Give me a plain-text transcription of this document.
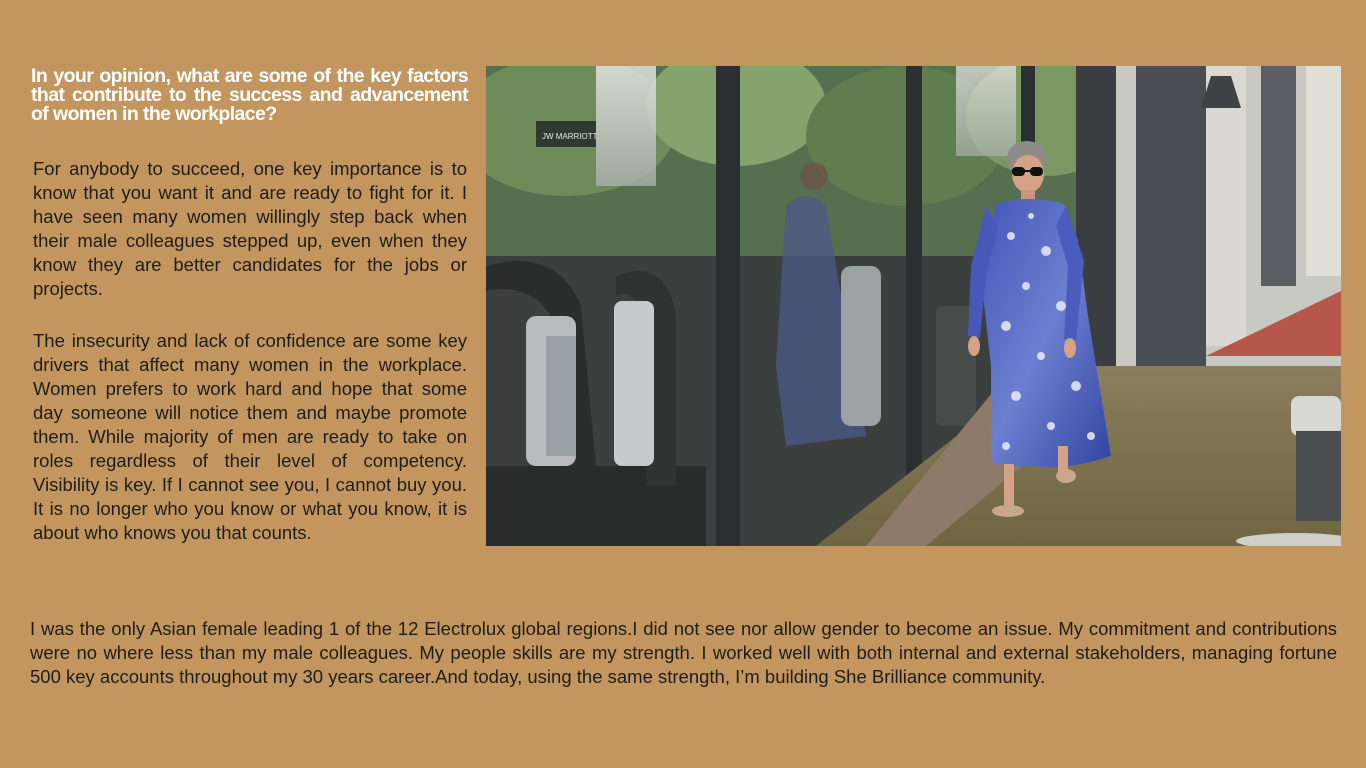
In your opinion, what are some of the key factors that contribute to the success and advancement of women in the workplace?

For anybody to succeed, one key importance is to know that you want it and are ready to fight for it. I have seen many women willingly step back when their male colleagues stepped up, even when they know they are better candidates for the jobs or projects.

The insecurity and lack of confidence are some key drivers that affect many women in the workplace. Women prefers to work hard and hope that some day someone will notice them and maybe promote them. While majority of men are ready to take on roles regardless of their level of competency. Visibility is key. If I cannot see you, I cannot buy you. It is no longer who you know or what you know, it is about who knows you that counts.

JW MARRIOTT

I was the only Asian female leading 1 of the 12 Electrolux global regions.I did not see nor allow gender to become an issue. My commitment and contributions were no where less than my male colleagues. My people skills are my strength. I worked well with both internal and external stakeholders, managing fortune 500 key accounts throughout my 30 years career.And today, using the same strength, I’m building She Brilliance community.
